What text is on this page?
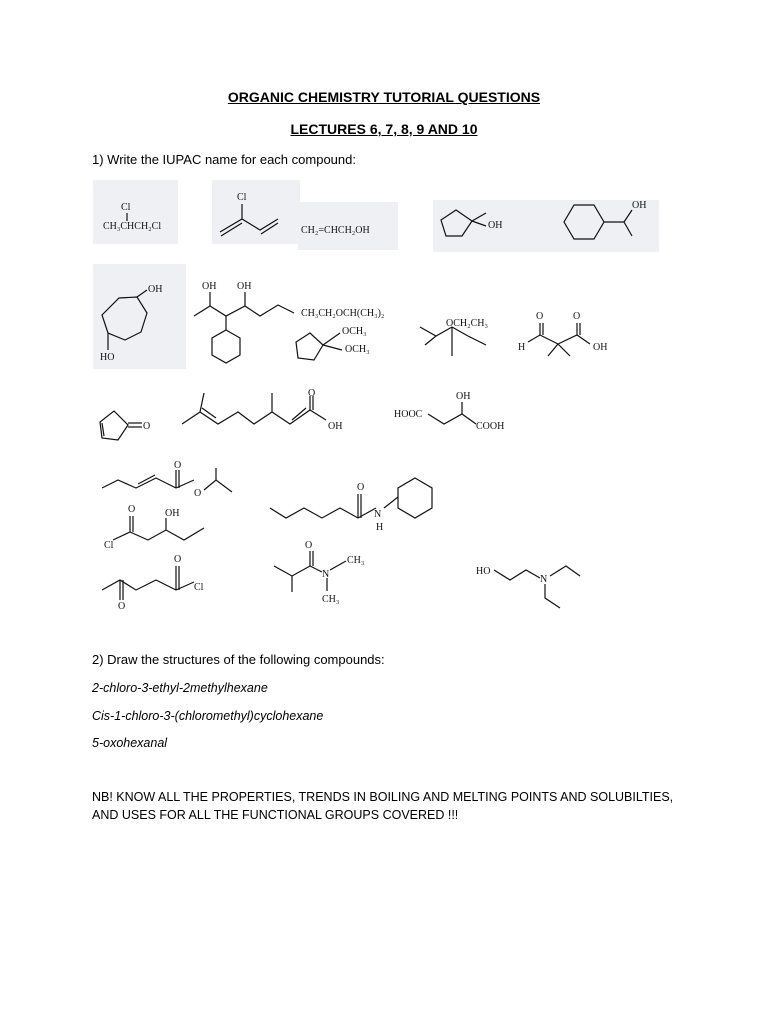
ORGANIC CHEMISTRY TUTORIAL QUESTIONS
LECTURES 6, 7, 8, 9 AND 10
1) Write the IUPAC name for each compound:
Cl
CH₃CHCH₂Cl
Cl
CH₂=CHCH₂OH	OH
OH
OH
HO
OH OH
CH₃CH₂OCH(CH₃)₂
OCH₃
OCH₃
OCH₂CH₃
O	O
H	OH
O
O
OH
OH
HOOC
COOH
O
O
O
N
H
O	OH
Cl	O
N
CH₃
CH₃
HO
N
O
O
Cl
2) Draw the structures of the following compounds:
2-chloro-3-ethyl-2methylhexane
Cis-1-chloro-3-(chloromethyl)cyclohexane
5-oxohexanal
NB! KNOW ALL THE PROPERTIES, TRENDS IN BOILING AND MELTING POINTS AND SOLUBILTIES, AND USES FOR ALL THE FUNCTIONAL GROUPS COVERED !!!
